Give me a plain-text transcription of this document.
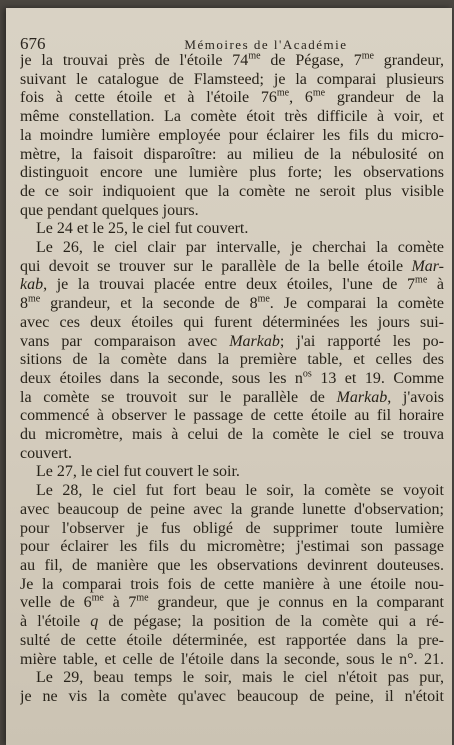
676	Mémoires de l'Académie
je la trouvai près de l'étoile $74^{me}$ de Pégase, $7^{me}$ grandeur,
suivant le catalogue de Flamsteed; je la comparai plusieurs
fois à cette étoile et à l'étoile $76^{me}$, $6^{me}$ grandeur de la
même constellation. La comète étoit très difficile à voir, et
la moindre lumière employée pour éclairer les fils du micro-
mètre, la faisoit disparoître: au milieu de la nébulosité on
distinguoit encore une lumière plus forte; les observations
de ce soir indiquoient que la comète ne seroit plus visible
que pendant quelques jours.
Le 24 et le 25, le ciel fut couvert.
Le 26, le ciel clair par intervalle, je cherchai la comète
qui devoit se trouver sur le parallèle de la belle étoile Mar-
kab, je la trouvai placée entre deux étoiles, l'une de $7^{me}$ à
$8^{me}$ grandeur, et la seconde de $8^{me}$. Je comparai la comète
avec ces deux étoiles qui furent déterminées les jours sui-
vans par comparaison avec Markab; j'ai rapporté les po-
sitions de la comète dans la première table, et celles des
deux étoiles dans la seconde, sous les $n^{os}$ 13 et 19. Comme
la comète se trouvoit sur le parallèle de Markab, j'avois
commencé à observer le passage de cette étoile au fil horaire
du micromètre, mais à celui de la comète le ciel se trouva
couvert.
Le 27, le ciel fut couvert le soir.
Le 28, le ciel fut fort beau le soir, la comète se voyoit
avec beaucoup de peine avec la grande lunette d'observation;
pour l'observer je fus obligé de supprimer toute lumière
pour éclairer les fils du micromètre; j'estimai son passage
au fil, de manière que les observations devinrent douteuses.
Je la comparai trois fois de cette manière à une étoile nou-
velle de $6^{me}$ à $7^{me}$ grandeur, que je connus en la comparant
à l'étoile q de pégase; la position de la comète qui a ré-
sulté de cette étoile déterminée, est rapportée dans la pre-
mière table, et celle de l'étoile dans la seconde, sous le n°. 21.
Le 29, beau temps le soir, mais le ciel n'étoit pas pur,
je ne vis la comète qu'avec beaucoup de peine, il n'étoit
